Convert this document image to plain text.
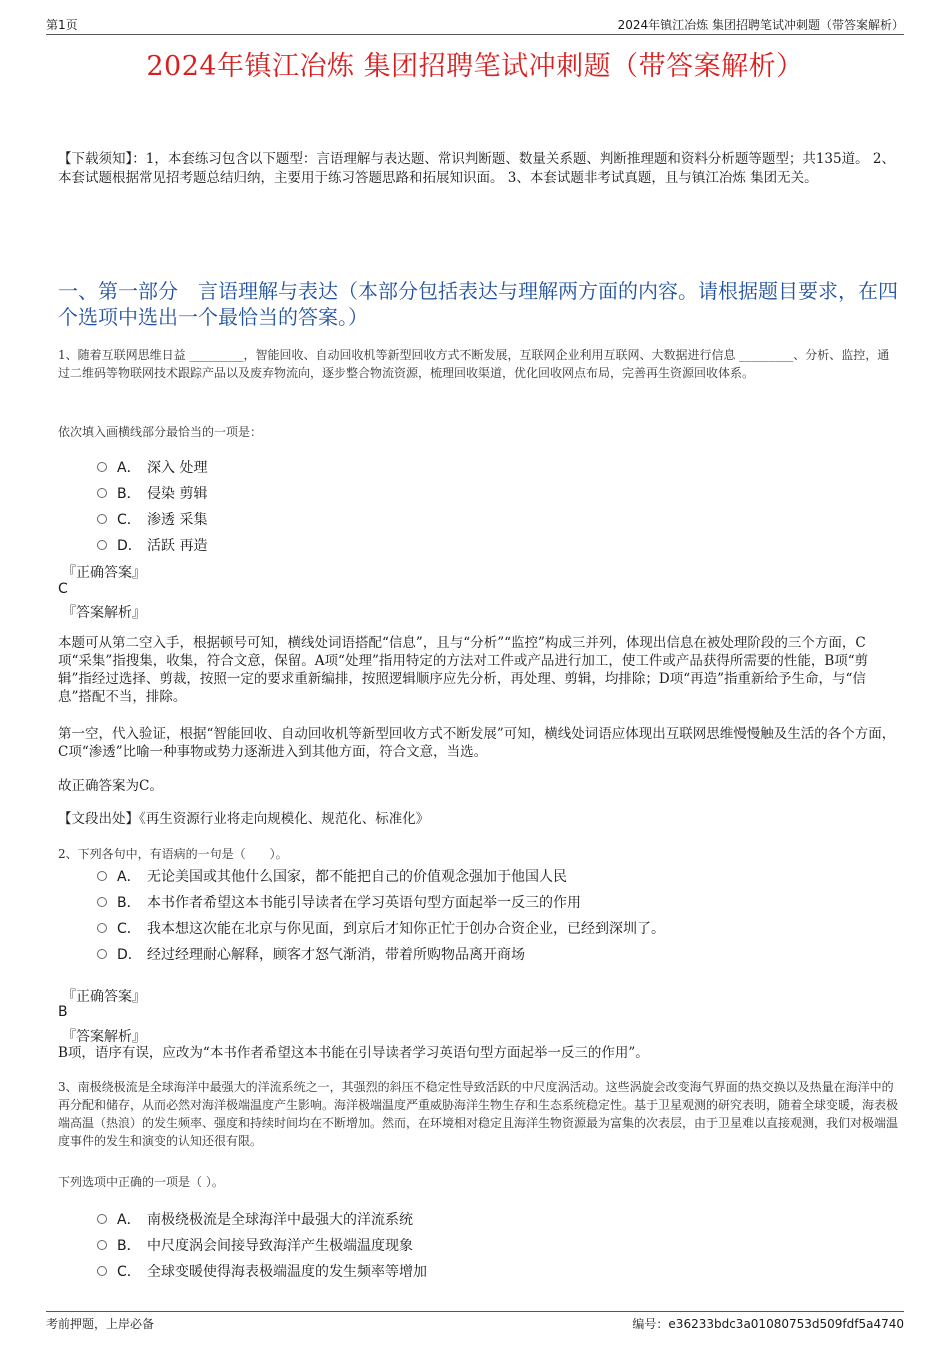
第1页	2024年镇江冶炼 集团招聘笔试冲刺题（带答案解析）
2024年镇江冶炼 集团招聘笔试冲刺题（带答案解析）
【下载须知】：1，本套练习包含以下题型：言语理解与表达题、常识判断题、数量关系题、判断推理题和资料分析题等题型；共135道。 2、本套试题根据常见招考题总结归纳，主要用于练习答题思路和拓展知识面。 3、本套试题非考试真题，且与镇江冶炼 集团无关。
一、第一部分　言语理解与表达（本部分包括表达与理解两方面的内容。请根据题目要求，在四个选项中选出一个最恰当的答案。）
1、随着互联网思维日益 _________，智能回收、自动回收机等新型回收方式不断发展，互联网企业利用互联网、大数据进行信息 _________、分析、监控，通过二维码等物联网技术跟踪产品以及废弃物流向，逐步整合物流资源，梳理回收渠道，优化回收网点布局，完善再生资源回收体系。
依次填入画横线部分最恰当的一项是：
A． 深入 处理
B． 侵染 剪辑
C． 渗透 采集
D． 活跃 再造
『正确答案』
C
『答案解析』
本题可从第二空入手，根据顿号可知，横线处词语搭配“信息”，且与“分析”“监控”构成三并列，体现出信息在被处理阶段的三个方面，C项“采集”指搜集，收集，符合文意，保留。A项“处理”指用特定的方法对工件或产品进行加工，使工件或产品获得所需要的性能，B项“剪辑”指经过选择、剪裁，按照一定的要求重新编排，按照逻辑顺序应先分析，再处理、剪辑，均排除；D项“再造”指重新给予生命，与“信息”搭配不当，排除。
第一空，代入验证，根据“智能回收、自动回收机等新型回收方式不断发展”可知，横线处词语应体现出互联网思维慢慢触及生活的各个方面，C项“渗透”比喻一种事物或势力逐渐进入到其他方面，符合文意，当选。
故正确答案为C。
【文段出处】《再生资源行业将走向规模化、规范化、标准化》
2、下列各句中，有语病的一句是（　　）。
A． 无论美国或其他什么国家，都不能把自己的价值观念强加于他国人民
B． 本书作者希望这本书能引导读者在学习英语句型方面起举一反三的作用
C． 我本想这次能在北京与你见面，到京后才知你正忙于创办合资企业，已经到深圳了。
D． 经过经理耐心解释，顾客才怒气渐消，带着所购物品离开商场
『正确答案』
B
『答案解析』
B项，语序有误，应改为“本书作者希望这本书能在引导读者学习英语句型方面起举一反三的作用”。
3、南极绕极流是全球海洋中最强大的洋流系统之一，其强烈的斜压不稳定性导致活跃的中尺度涡活动。这些涡旋会改变海气界面的热交换以及热量在海洋中的再分配和储存，从而必然对海洋极端温度产生影响。海洋极端温度严重威胁海洋生物生存和生态系统稳定性。基于卫星观测的研究表明，随着全球变暖，海表极端高温（热浪）的发生频率、强度和持续时间均在不断增加。然而，在环境相对稳定且海洋生物资源最为富集的次表层，由于卫星难以直接观测，我们对极端温度事件的发生和演变的认知还很有限。
下列选项中正确的一项是（ ）。
A． 南极绕极流是全球海洋中最强大的洋流系统
B． 中尺度涡会间接导致海洋产生极端温度现象
C． 全球变暖使得海表极端温度的发生频率等增加
考前押题，上岸必备	编号：e36233bdc3a01080753d509fdf5a4740
